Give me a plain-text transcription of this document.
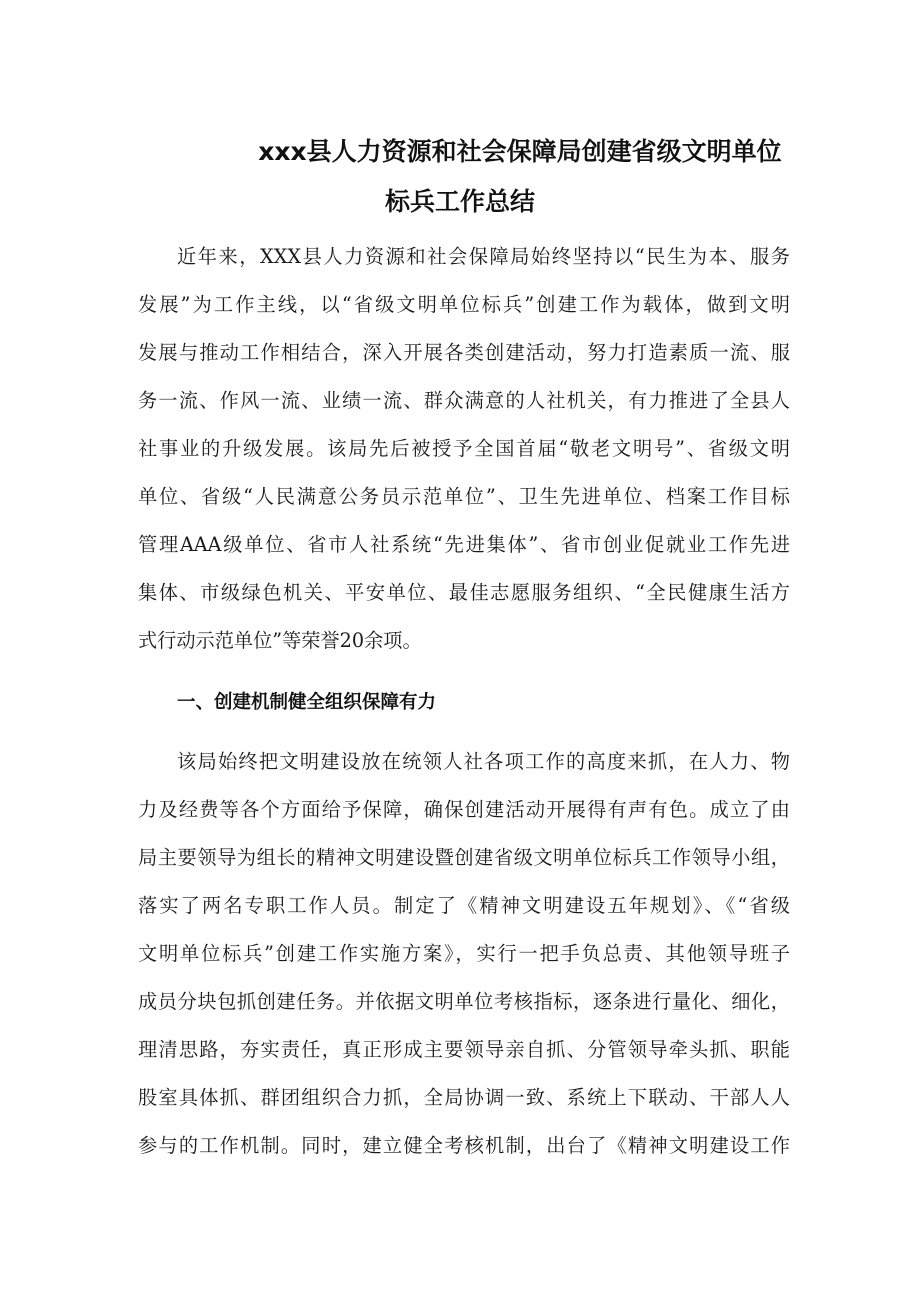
xxx县人力资源和社会保障局创建省级文明单位
标兵工作总结
近年来，XXX县人力资源和社会保障局始终坚持以“民生为本、服务
发展”为工作主线，以“省级文明单位标兵”创建工作为载体，做到文明
发展与推动工作相结合，深入开展各类创建活动，努力打造素质一流、服
务一流、作风一流、业绩一流、群众满意的人社机关，有力推进了全县人
社事业的升级发展。该局先后被授予全国首届“敬老文明号”、省级文明
单位、省级“人民满意公务员示范单位”、卫生先进单位、档案工作目标
管理AAA级单位、省市人社系统“先进集体”、省市创业促就业工作先进
集体、市级绿色机关、平安单位、最佳志愿服务组织、“全民健康生活方
式行动示范单位”等荣誉20余项。
一、创建机制健全组织保障有力
该局始终把文明建设放在统领人社各项工作的高度来抓，在人力、物
力及经费等各个方面给予保障，确保创建活动开展得有声有色。成立了由
局主要领导为组长的精神文明建设暨创建省级文明单位标兵工作领导小组，
落实了两名专职工作人员。制定了《精神文明建设五年规划》、《“省级
文明单位标兵”创建工作实施方案》，实行一把手负总责、其他领导班子
成员分块包抓创建任务。并依据文明单位考核指标，逐条进行量化、细化，
理清思路，夯实责任，真正形成主要领导亲自抓、分管领导牵头抓、职能
股室具体抓、群团组织合力抓，全局协调一致、系统上下联动、干部人人
参与的工作机制。同时，建立健全考核机制，出台了《精神文明建设工作
